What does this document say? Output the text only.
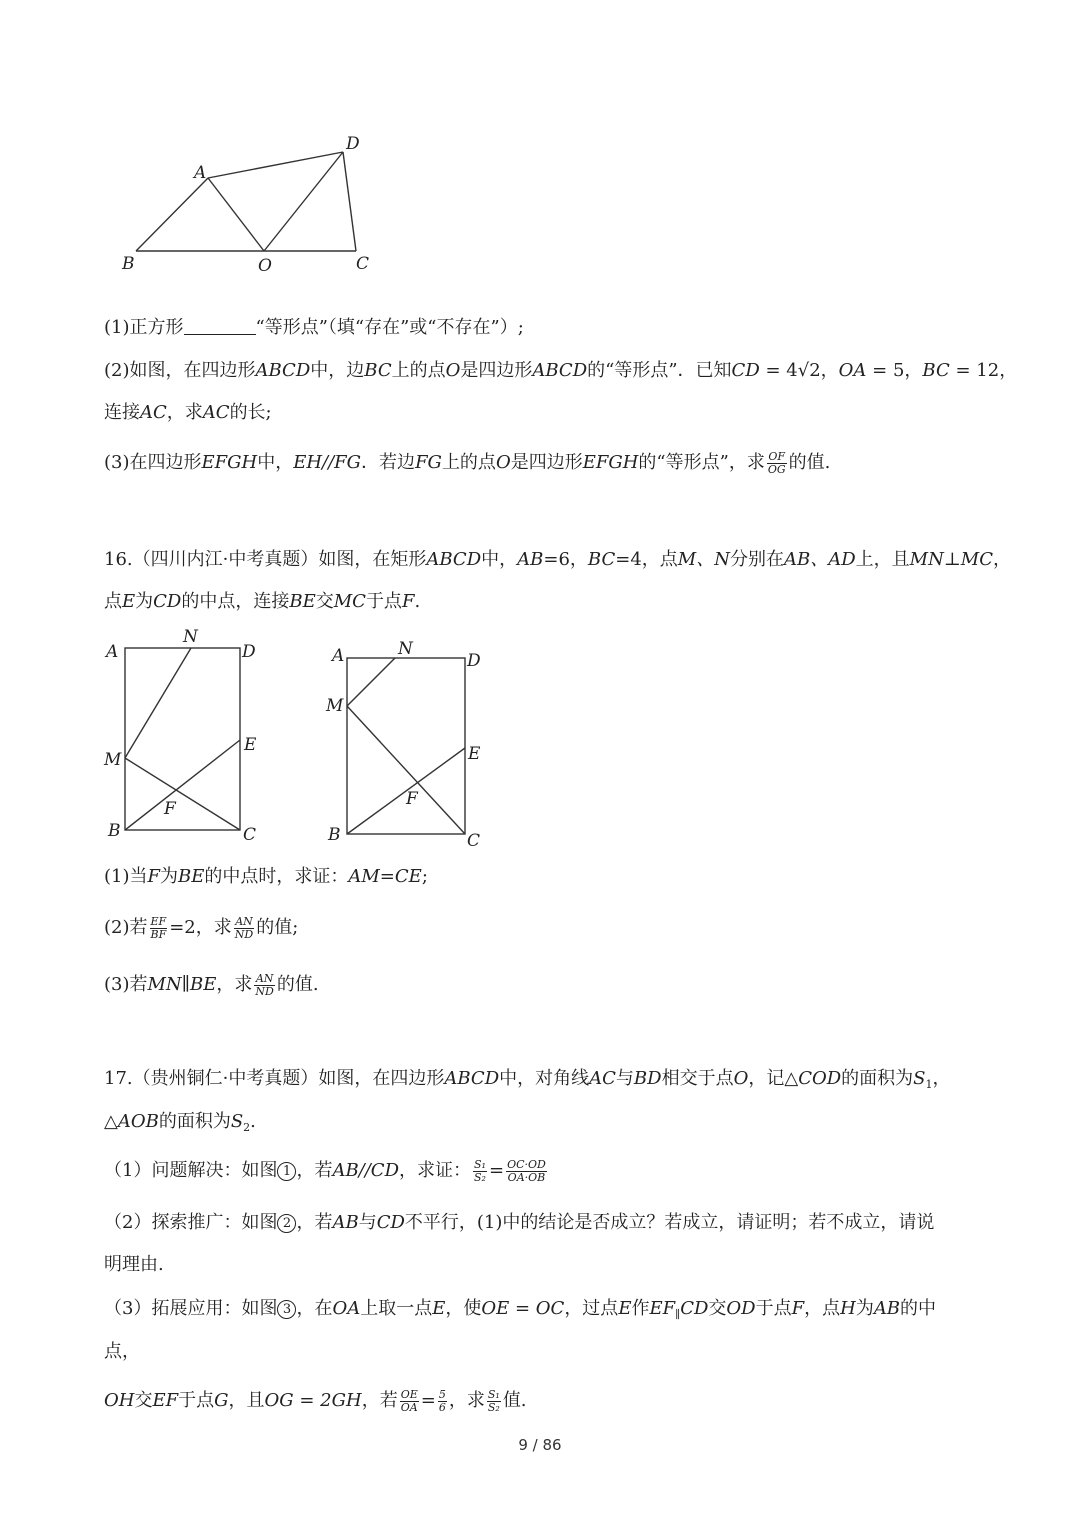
A
D
B	O	C
(1)正方形	“等形点”（填“存在”或“不存在”）;
(2)如图，在四边形ABCD中，边BC上的点O是四边形ABCD的“等形点”．已知CD = 4√2，OA = 5，BC = 12，
连接AC，求AC的长;
(3)在四边形EFGH中，EH//FG．若边FG上的点O是四边形EFGH的“等形点”，求 $\frac{OF}{OG}$ 的值.
16.（四川内江·中考真题）如图，在矩形ABCD中，AB=6，BC=4，点M、N分别在AB、AD上，且MN⊥MC，
点E为CD的中点，连接BE交MC于点F.
A
N
D
M
E
F
B	C
A	N
D
M
E
F
B	C
(1)当F为BE的中点时，求证：AM=CE;
(2)若 $\frac{EF}{BF} =2$，求 $\frac{AN}{ND}$ 的值;
(3)若MN∥BE，求 $\frac{AN}{ND}$ 的值.
17.（贵州铜仁·中考真题）如图，在四边形ABCD中，对角线AC与BD相交于点O，记△COD的面积为$S_1$，
△AOB的面积为$S_2$.
（1）问题解决：如图 1 ，若AB//CD，求证： $\frac{\text{S₁}}{\text{S₂}} = \frac{OC\cdot OD}{OA\cdot OB}$
（2）探索推广：如图 2 ，若AB与CD不平行，(1)中的结论是否成立？若成立，请证明；若不成立，请说
明理由.
（3）拓展应用：如图 3 ，在OA上取一点E，使OE = OC，过点E作$EF_\parallel CD$交OD于点F，点H为AB的中
点，
OH交EF于点G，且OG = 2GH，若 $\frac{OE}{OA} = \frac{5}{6}$ ，求 $\frac{\text{S₁}}{\text{S₂}}$ 值.
9 / 86
